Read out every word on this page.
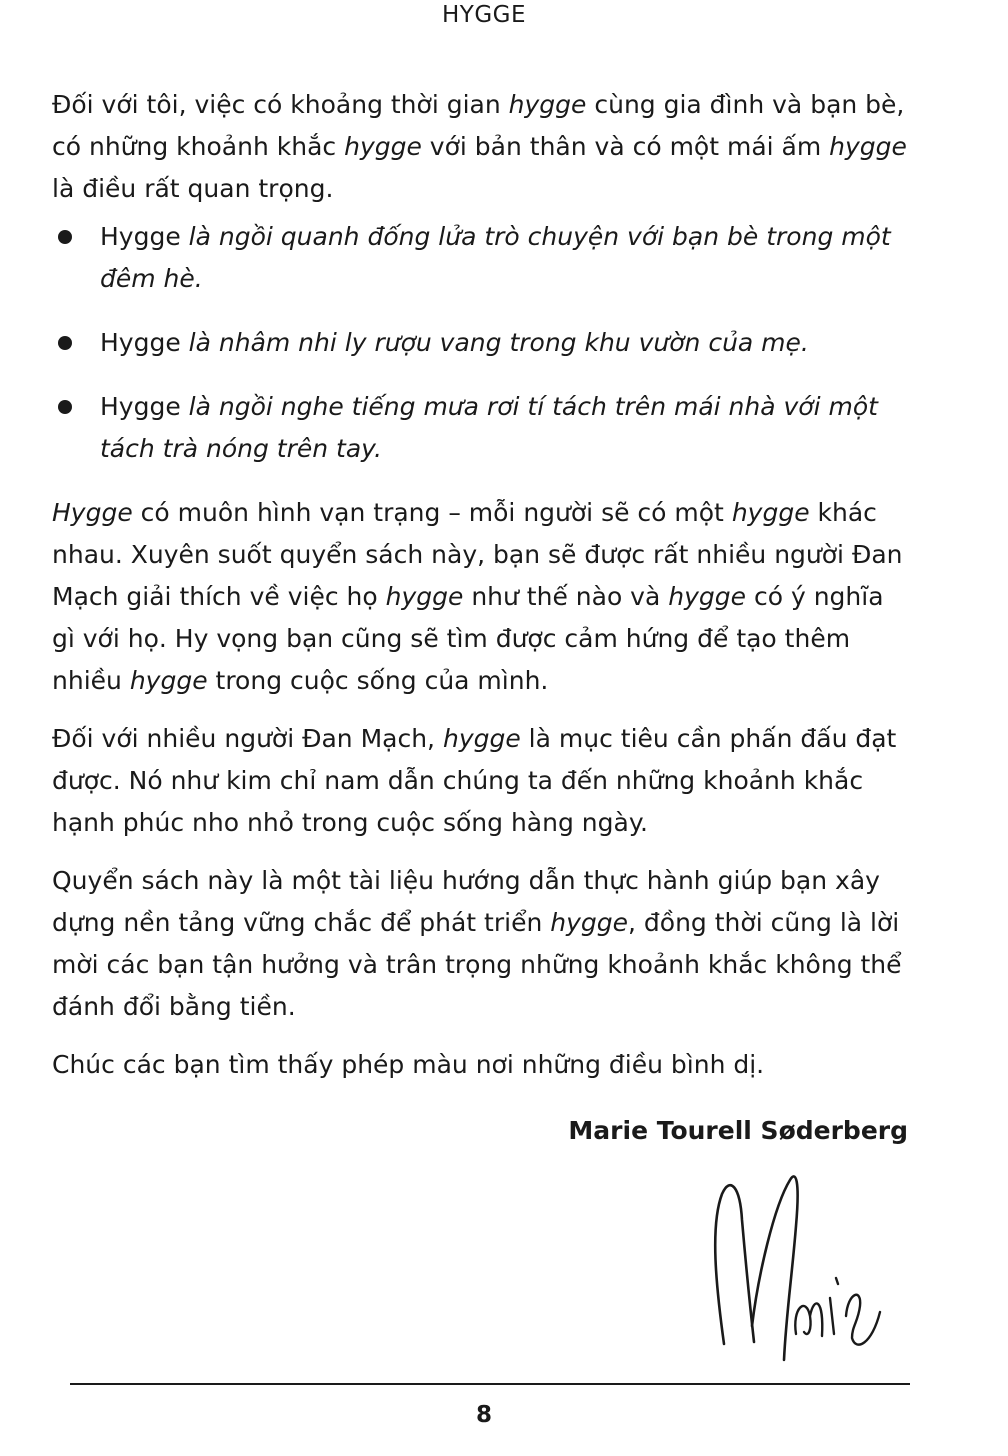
HYGGE

Đối với tôi, việc có khoảng thời gian hygge cùng gia đình và bạn bè, có những khoảnh khắc hygge với bản thân và có một mái ấm hygge là điều rất quan trọng.

Hygge là ngồi quanh đống lửa trò chuyện với bạn bè trong một đêm hè.
Hygge là nhâm nhi ly rượu vang trong khu vườn của mẹ.
Hygge là ngồi nghe tiếng mưa rơi tí tách trên mái nhà với một tách trà nóng trên tay.

Hygge có muôn hình vạn trạng – mỗi người sẽ có một hygge khác nhau. Xuyên suốt quyển sách này, bạn sẽ được rất nhiều người Đan Mạch giải thích về việc họ hygge như thế nào và hygge có ý nghĩa gì với họ. Hy vọng bạn cũng sẽ tìm được cảm hứng để tạo thêm nhiều hygge trong cuộc sống của mình.

Đối với nhiều người Đan Mạch, hygge là mục tiêu cần phấn đấu đạt được. Nó như kim chỉ nam dẫn chúng ta đến những khoảnh khắc hạnh phúc nho nhỏ trong cuộc sống hàng ngày.

Quyển sách này là một tài liệu hướng dẫn thực hành giúp bạn xây dựng nền tảng vững chắc để phát triển hygge, đồng thời cũng là lời mời các bạn tận hưởng và trân trọng những khoảnh khắc không thể đánh đổi bằng tiền.

Chúc các bạn tìm thấy phép màu nơi những điều bình dị.

Marie Tourell Søderberg
8
